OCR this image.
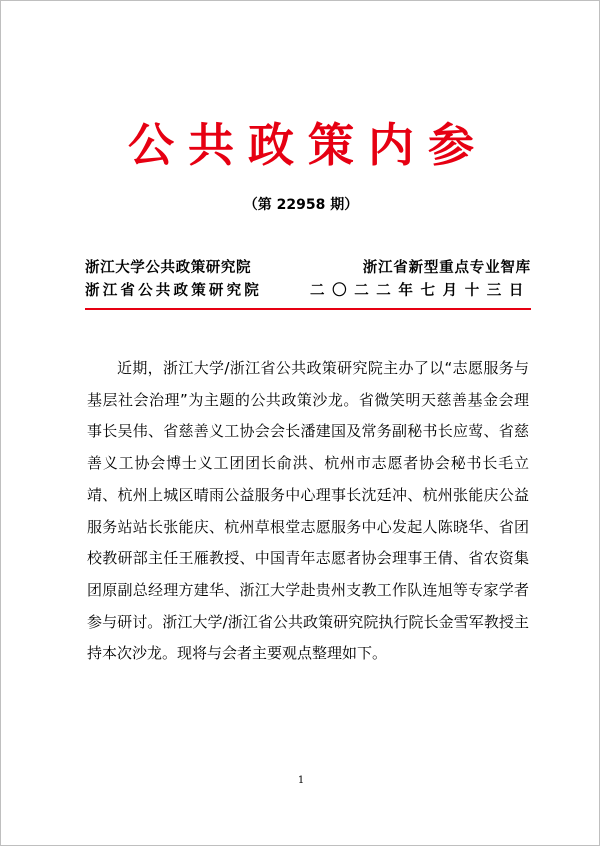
公共政策内参
（第 22958 期）
浙江大学公共政策研究院	浙江省新型重点专业智库
浙江省公共政策研究院	二〇二二年七月十三日

近期，浙江大学/浙江省公共政策研究院主办了以“志愿服务与基层社会治理”为主题的公共政策沙龙。省微笑明天慈善基金会理事长吴伟、省慈善义工协会会长潘建国及常务副秘书长应莺、省慈善义工协会博士义工团团长俞洪、杭州市志愿者协会秘书长毛立靖、杭州上城区晴雨公益服务中心理事长沈廷冲、杭州张能庆公益服务站站长张能庆、杭州草根堂志愿服务中心发起人陈晓华、省团校教研部主任王雁教授、中国青年志愿者协会理事王倩、省农资集团原副总经理方建华、浙江大学赴贵州支教工作队连旭等专家学者参与研讨。浙江大学/浙江省公共政策研究院执行院长金雪军教授主持本次沙龙。现将与会者主要观点整理如下。

1
